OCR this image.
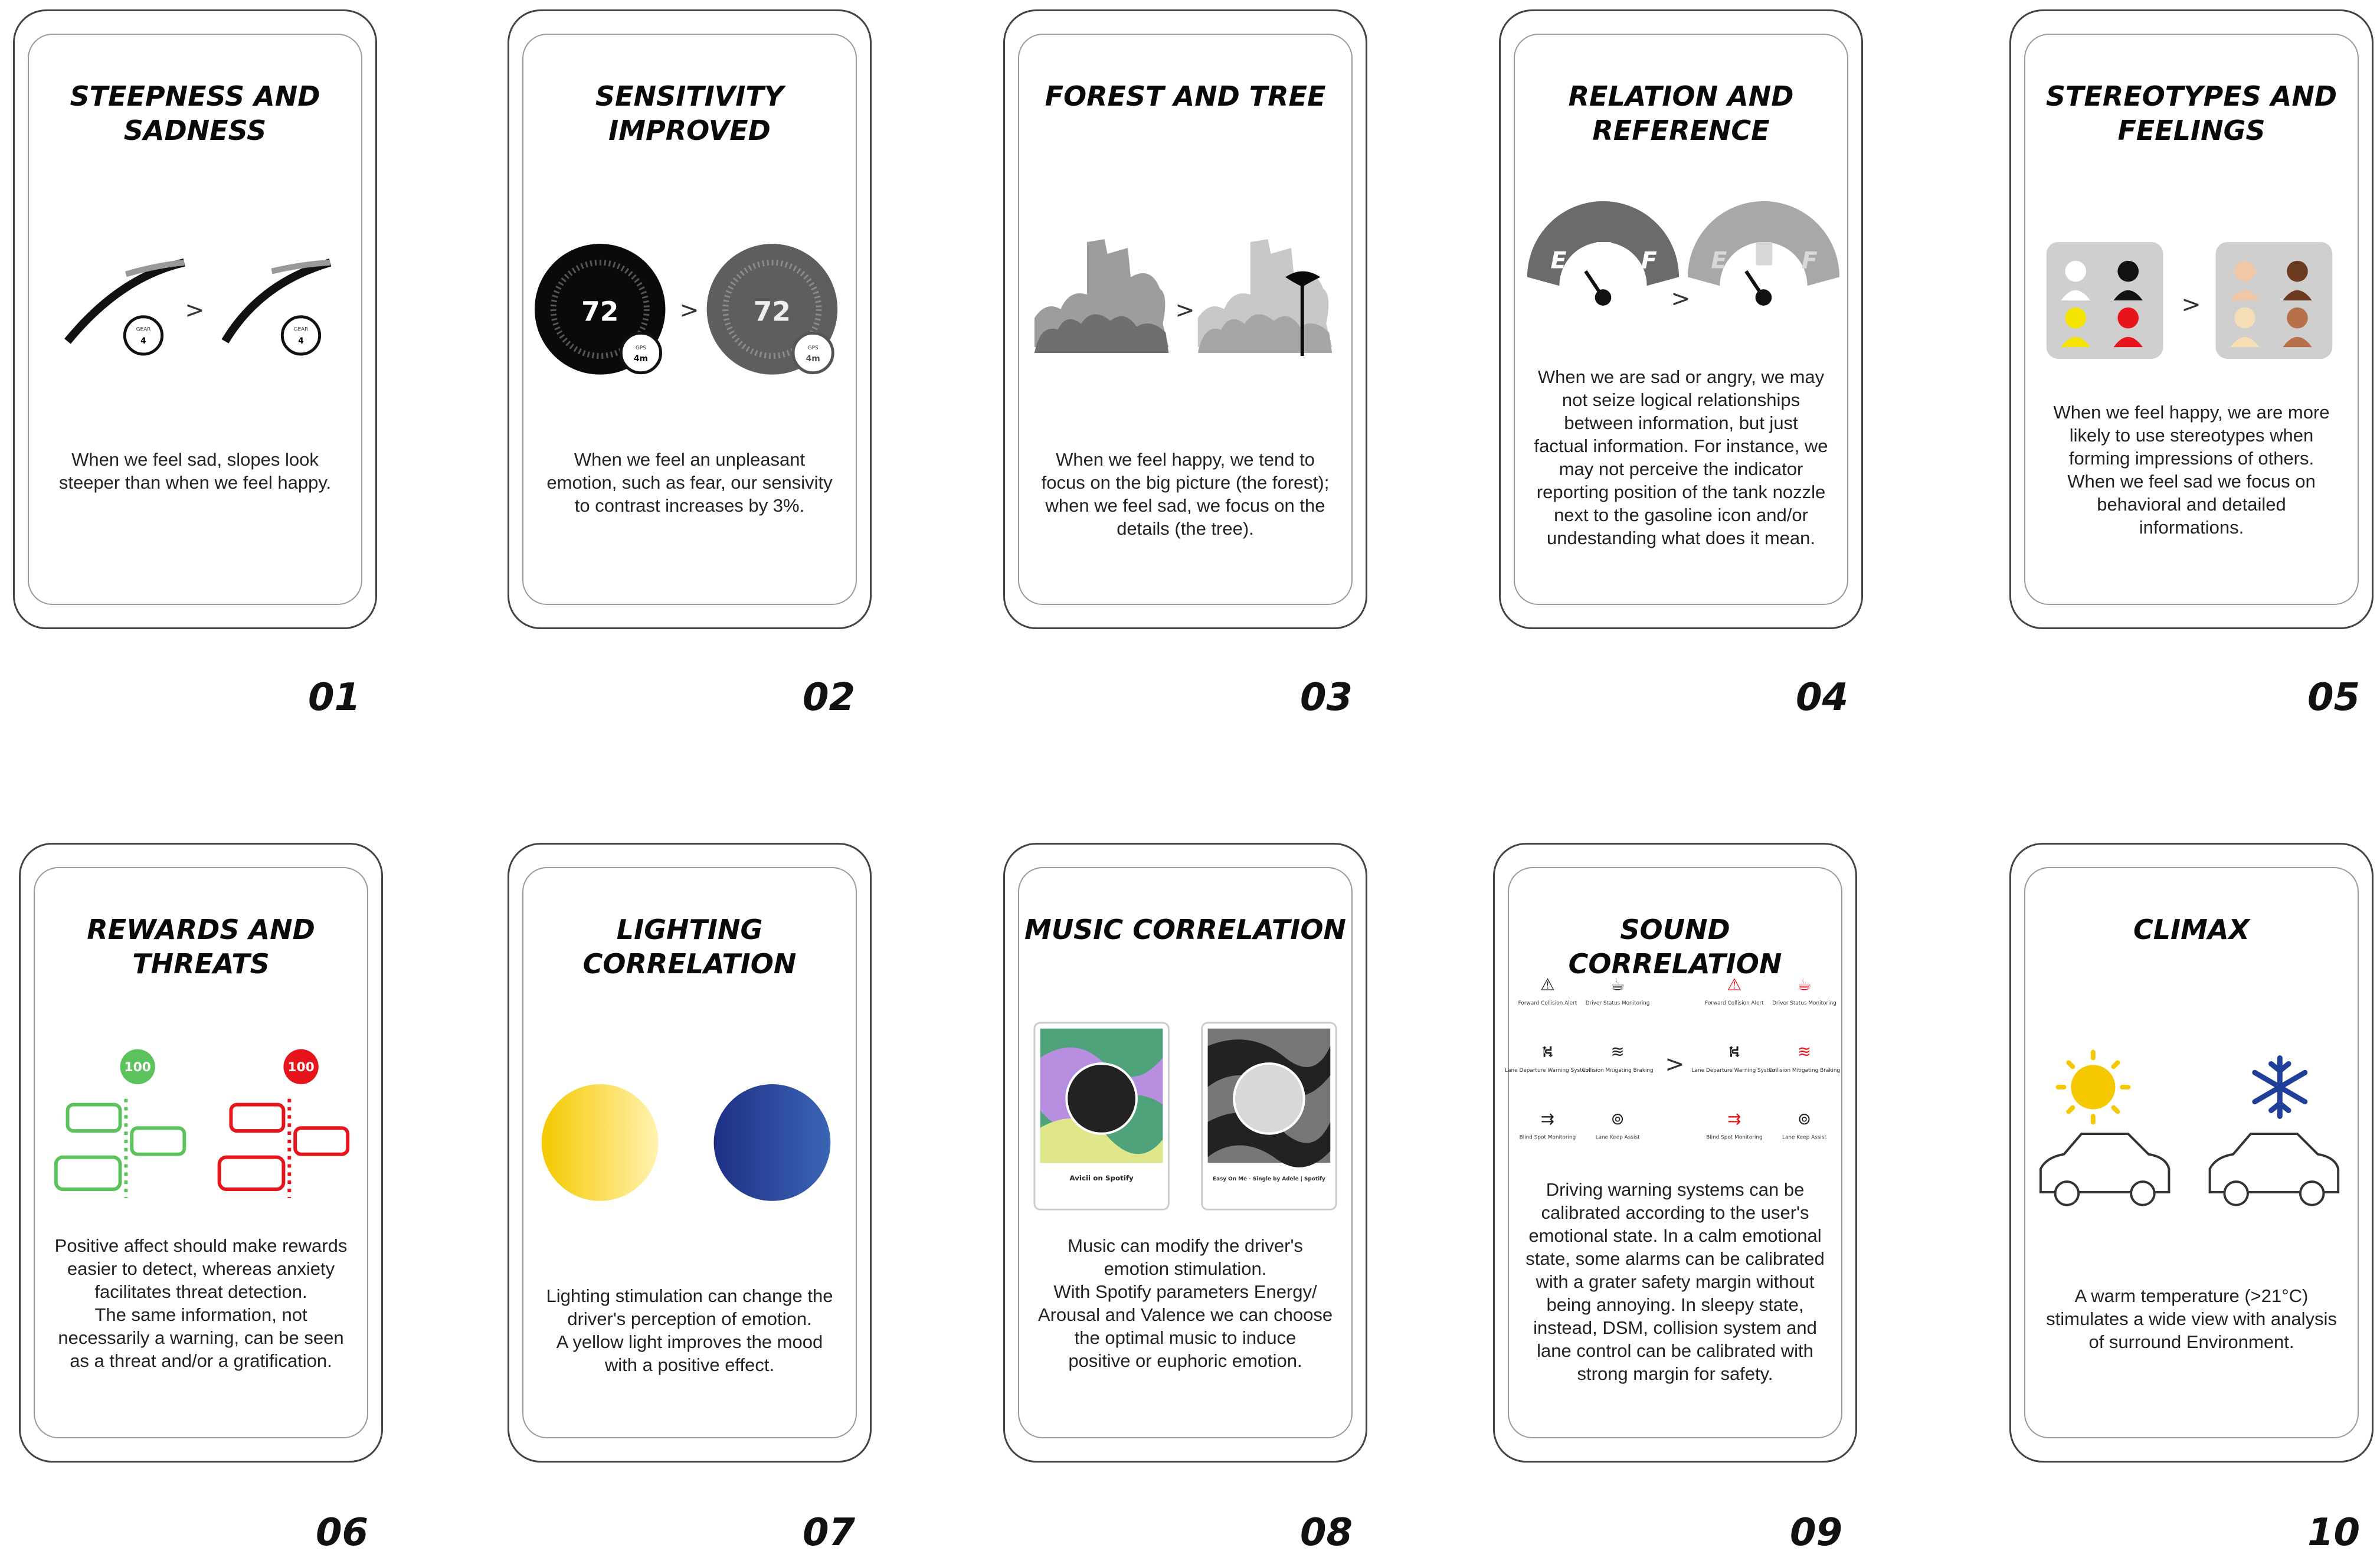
STEEPNESS AND
SADNESS
GEAR
4
>
GEAR
4
When we feel sad, slopes look
steeper than when we feel happy.
SENSITIVITY IMPROVED
72
GPS
4m
> 72
GPS
4m
When we feel an unpleasant
emotion, such as fear, our sensivity
to contrast increases by 3%.
FOREST AND TREE
>
When we feel happy, we tend to
focus on the big picture (the forest);
when we feel sad, we focus on the
details (the tree).
RELATION AND
REFERENCE
E	F
>
E	F
When we are sad or angry, we may
not seize logical relationships
between information, but just
factual information. For instance, we
may not perceive the indicator
reporting position of the tank nozzle
next to the gasoline icon and/or
undestanding what does it mean.
STEREOTYPES AND
FEELINGS
>
When we feel happy, we are more
likely to use stereotypes when
forming impressions of others.
When we feel sad we focus on
behavioral and detailed
informations.
01	02	03	04	05
REWARDS AND
THREATS
100	100
Positive affect should make rewards
easier to detect, whereas anxiety
facilitates threat detection.
The same information, not
necessarily a warning, can be seen
as a threat and/or a gratification.
LIGHTING
CORRELATION
Lighting stimulation can change the
driver's perception of emotion.
A yellow light improves the mood
with a positive effect.
MUSIC CORRELATION
Avicii on Spotify	Easy On Me - Single by Adele | Spotify
Music can modify the driver's
emotion stimulation.
With Spotify parameters Energy/
Arousal and Valence we can choose
the optimal music to induce
positive or euphoric emotion.
SOUND CORRELATION
⚠
Forward Collision Alert
☕
Driver Status Monitoring
⛕
Lane Departure Warning System
≋
Collision Mitigating Braking
⇉
Blind Spot Monitoring
⊚
Lane Keep Assist
>
⚠
Forward Collision Alert
☕
Driver Status Monitoring
⛕
Lane Departure Warning System
≋
Collision Mitigating Braking
⇉
Blind Spot Monitoring
⊚
Lane Keep Assist
Driving warning systems can be
calibrated according to the user's
emotional state. In a calm emotional
state, some alarms can be calibrated
with a grater safety margin without
being annoying. In sleepy state,
instead, DSM, collision system and
lane control can be calibrated with
strong margin for safety.
CLIMAX
A warm temperature (>21°C)
stimulates a wide view with analysis
of surround Environment.
06	07	08	09	10
